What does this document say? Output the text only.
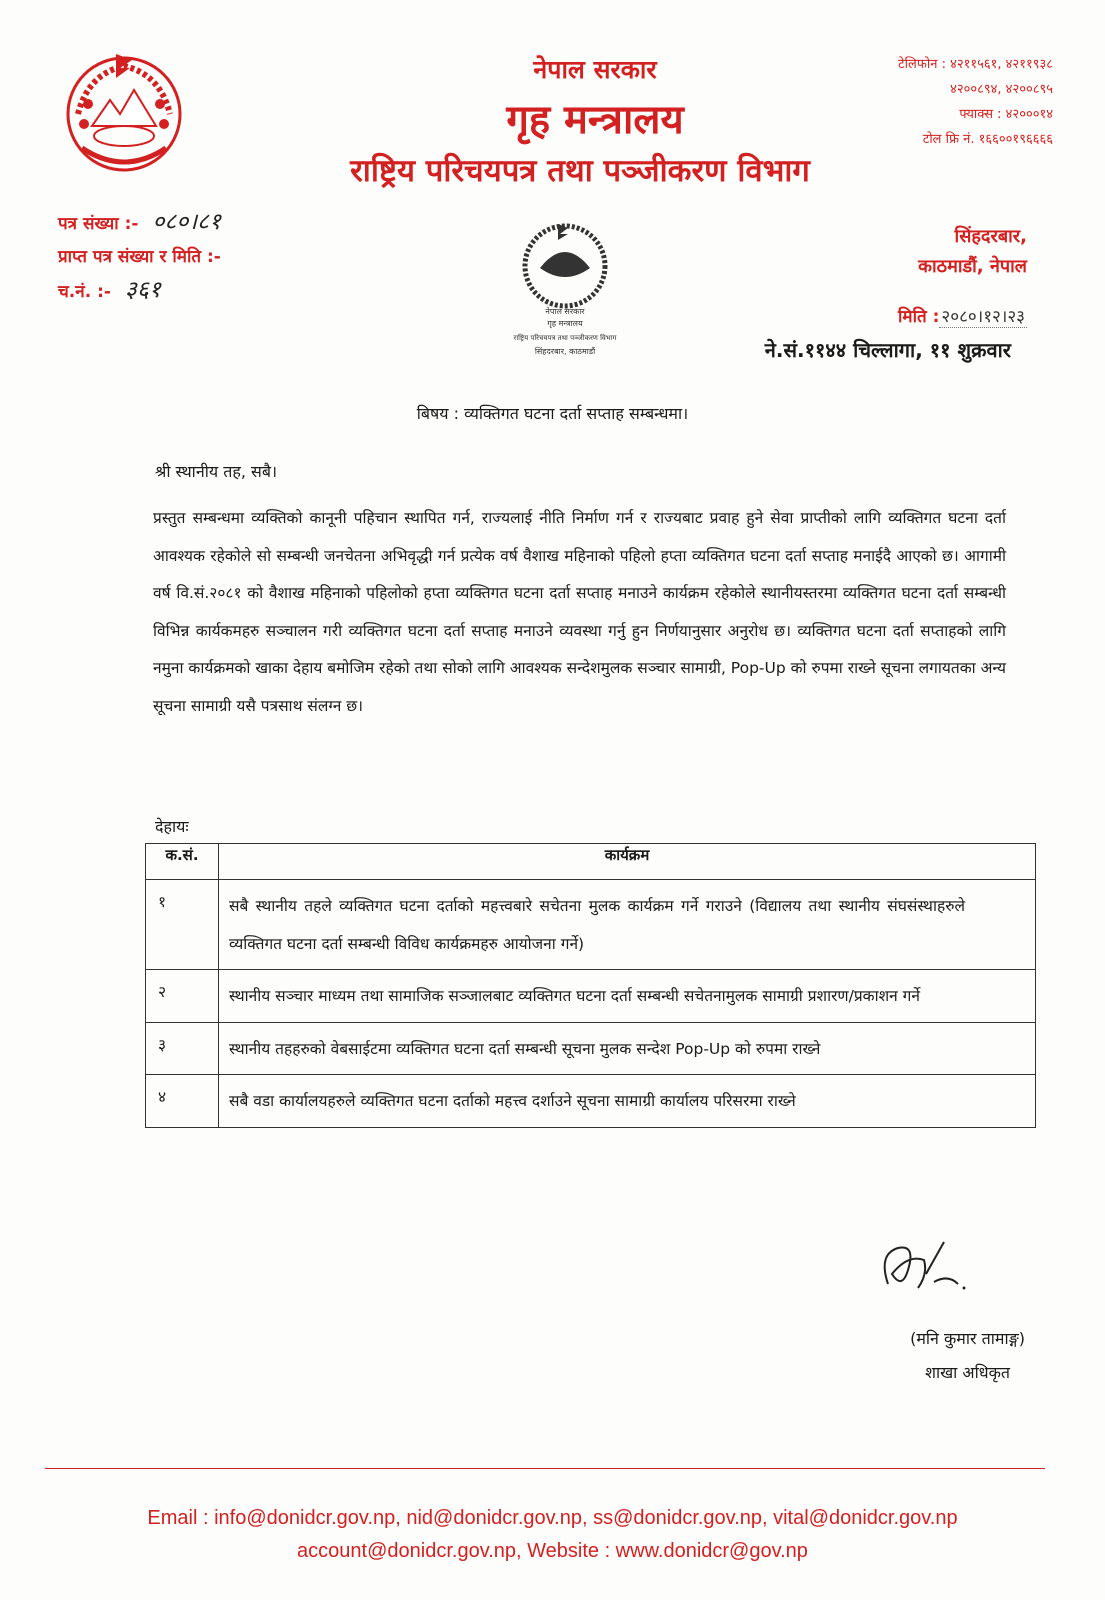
नेपाल सरकार
गृह मन्त्रालय
राष्ट्रिय परिचयपत्र तथा पञ्जीकरण विभाग
टेलिफोन : ४२११५६१, ४२११९३८
४२००८९४, ४२००८९५
फ्याक्स : ४२०००१४
टोल फ्रि नं. १६६००१९६६६६
पत्र संख्या :- ०८०।८१
प्राप्त पत्र संख्या र मिति :-
च.नं. :- ३६१
नेपाल सरकार
गृह मन्त्रालय
राष्ट्रिय परिचयपत्र तथा पञ्जीकरण विभाग
सिंहदरबार, काठमाडौं
सिंहदरबार,
काठमाडौं, नेपाल
मिति : २०८०।१२।२३
ने.सं.११४४ चिल्लागा, ११ शुक्रवार
बिषय : व्यक्तिगत घटना दर्ता सप्ताह सम्बन्धमा।
श्री स्थानीय तह, सबै।
प्रस्तुत सम्बन्धमा व्यक्तिको कानूनी पहिचान स्थापित गर्न, राज्यलाई नीति निर्माण गर्न र राज्यबाट प्रवाह हुने सेवा प्राप्तीको लागि व्यक्तिगत घटना दर्ता आवश्यक रहेकोले सो सम्बन्धी जनचेतना अभिवृद्धी गर्न प्रत्येक वर्ष वैशाख महिनाको पहिलो हप्ता व्यक्तिगत घटना दर्ता सप्ताह मनाईदै आएको छ। आगामी वर्ष वि.सं.२०८१ को वैशाख महिनाको पहिलोको हप्ता व्यक्तिगत घटना दर्ता सप्ताह मनाउने कार्यक्रम रहेकोले स्थानीयस्तरमा व्यक्तिगत घटना दर्ता सम्बन्धी विभिन्न कार्यकमहरु सञ्चालन गरी व्यक्तिगत घटना दर्ता सप्ताह मनाउने व्यवस्था गर्नु हुन निर्णयानुसार अनुरोध छ। व्यक्तिगत घटना दर्ता सप्ताहको लागि नमुना कार्यक्रमको खाका देहाय बमोजिम रहेको तथा सोको लागि आवश्यक सन्देशमुलक सञ्चार सामाग्री, Pop-Up को रुपमा राख्ने सूचना लगायतका अन्य सूचना सामाग्री यसै पत्रसाथ संलग्न छ।
देहायः
क.सं.	कार्यक्रम
१	सबै स्थानीय तहले व्यक्तिगत घटना दर्ताको महत्त्वबारे सचेतना मुलक कार्यक्रम गर्ने गराउने (विद्यालय तथा स्थानीय संघसंस्थाहरुले व्यक्तिगत घटना दर्ता सम्बन्धी विविध कार्यक्रमहरु आयोजना गर्ने)
२	स्थानीय सञ्चार माध्यम तथा सामाजिक सञ्जालबाट व्यक्तिगत घटना दर्ता सम्बन्धी सचेतनामुलक सामाग्री प्रशारण/प्रकाशन गर्ने
३	स्थानीय तहहरुको वेबसाईटमा व्यक्तिगत घटना दर्ता सम्बन्धी सूचना मुलक सन्देश Pop-Up को रुपमा राख्ने
४	सबै वडा कार्यालयहरुले व्यक्तिगत घटना दर्ताको महत्त्व दर्शाउने सूचना सामाग्री कार्यालय परिसरमा राख्ने
(मनि कुमार तामाङ्ग)
शाखा अधिकृत
Email : info@donidcr.gov.np, nid@donidcr.gov.np, ss@donidcr.gov.np, vital@donidcr.gov.np
account@donidcr.gov.np, Website : www.donidcr@gov.np
